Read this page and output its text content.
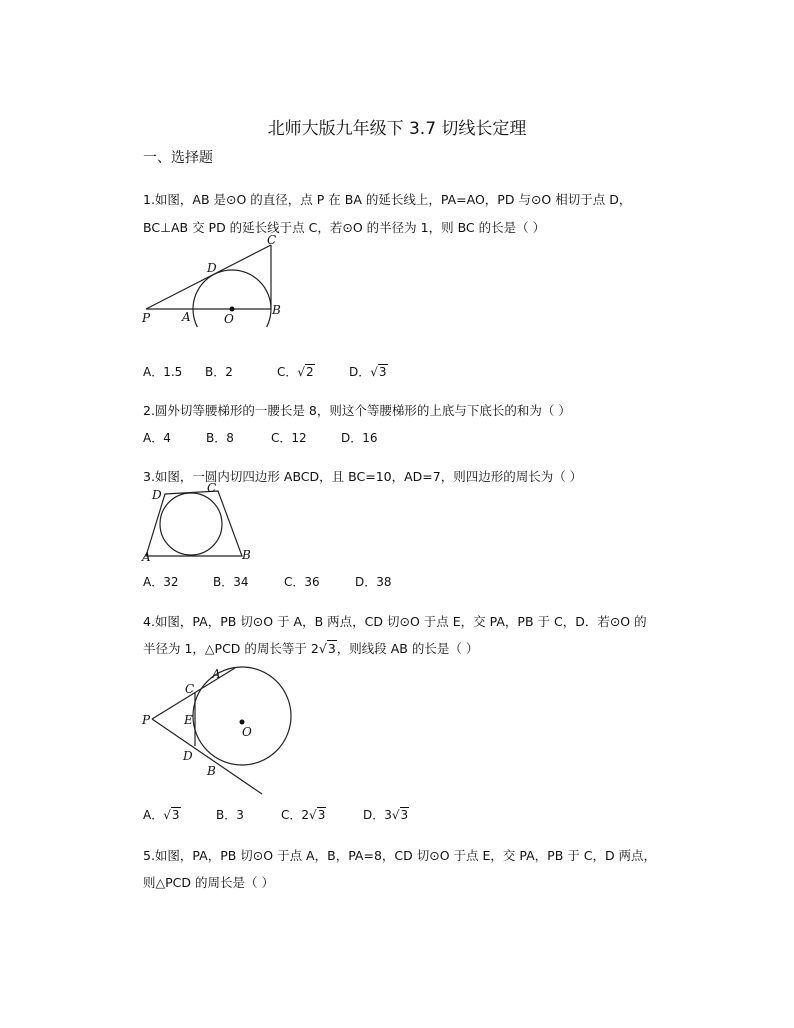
北师大版九年级下 3.7 切线长定理
一、选择题
1.如图，AB 是⊙O 的直径，点 P 在 BA 的延长线上，PA=AO，PD 与⊙O 相切于点 D，
BC⊥AB 交 PD 的延长线于点 C，若⊙O 的半径为 1，则 BC 的长是（ ）
C
D
P	A	O
B
A．1.5	B．2	C．√2	D．√3
2.圆外切等腰梯形的一腰长是 8，则这个等腰梯形的上底与下底长的和为（ ）
A．4	B．8	C．12	D．16
3.如图，一圆内切四边形 ABCD，且 BC=10，AD=7，则四边形的周长为（ ）
D	C
A	B
A．32	B．34	C．36	D．38
4.如图，PA，PB 切⊙O 于 A，B 两点，CD 切⊙O 于点 E，交 PA，PB 于 C，D．若⊙O 的
半径为 1，△PCD 的周长等于 2√3，则线段 AB 的长是（ ）
A
C
P	E
O
D
B
A．√3	B．3	C．2√3	D．3√3
5.如图，PA，PB 切⊙O 于点 A，B，PA=8，CD 切⊙O 于点 E，交 PA，PB 于 C，D 两点，
则△PCD 的周长是（ ）
